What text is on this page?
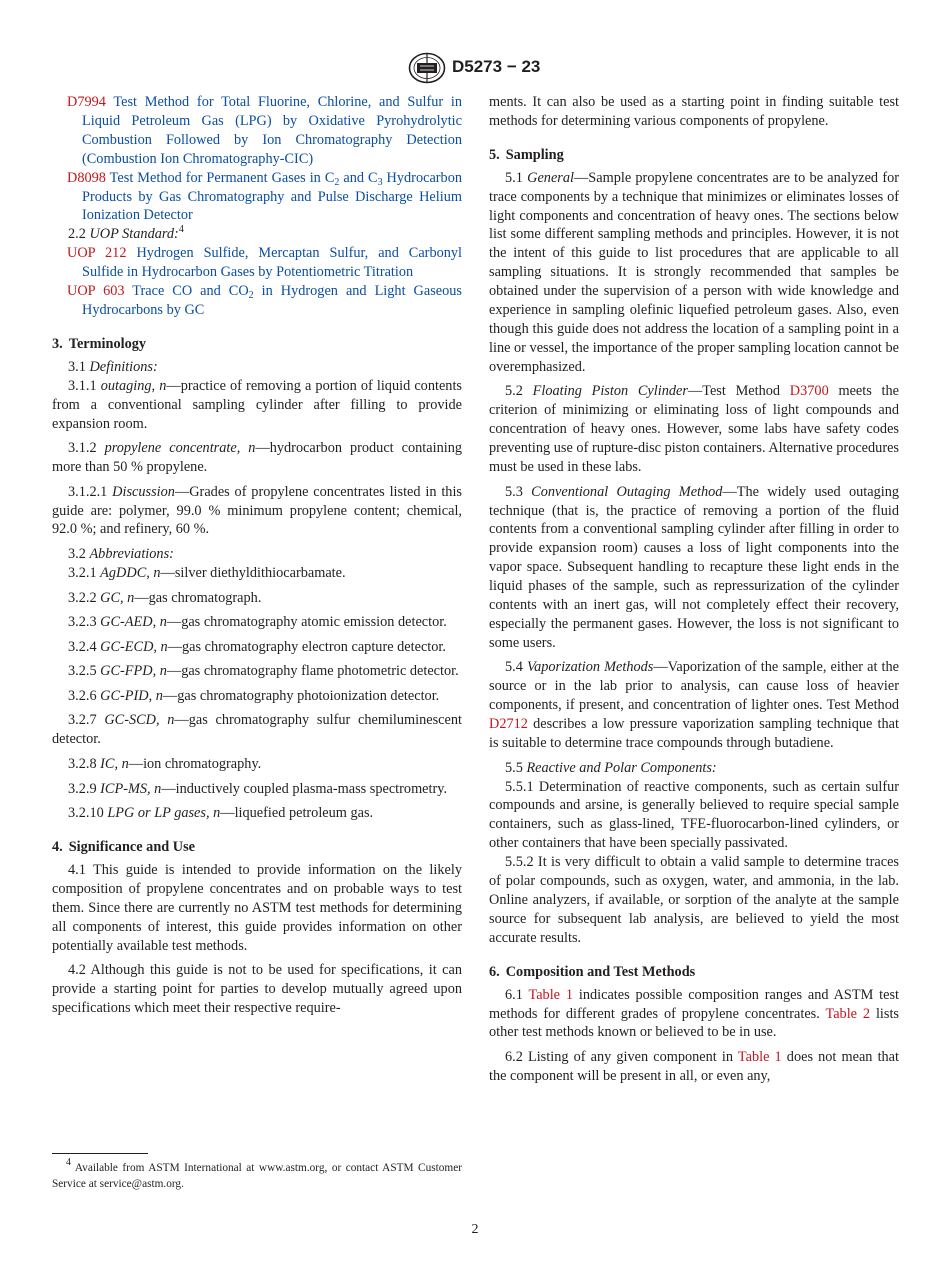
D5273 − 23

D7994 Test Method for Total Fluorine, Chlorine, and Sulfur in Liquid Petroleum Gas (LPG) by Oxidative Pyrohydrolytic Combustion Followed by Ion Chromatography Detection (Combustion Ion Chromatography-CIC)

D8098 Test Method for Permanent Gases in $C_2$ and $C_3$ Hydrocarbon Products by Gas Chromatography and Pulse Discharge Helium Ionization Detector

2.2 UOP Standard:$^4$

UOP 212 Hydrogen Sulfide, Mercaptan Sulfur, and Carbonyl Sulfide in Hydrocarbon Gases by Potentiometric Titration

UOP 603 Trace CO and $CO_2$ in Hydrogen and Light Gaseous Hydrocarbons by GC

3. Terminology

3.1 Definitions:

3.1.1 outaging, n—practice of removing a portion of liquid contents from a conventional sampling cylinder after filling to provide expansion room.

3.1.2 propylene concentrate, n—hydrocarbon product containing more than 50 % propylene.

3.1.2.1 Discussion—Grades of propylene concentrates listed in this guide are: polymer, 99.0 % minimum propylene content; chemical, 92.0 %; and refinery, 60 %.

3.2 Abbreviations:

3.2.1 AgDDC, n—silver diethyldithiocarbamate.

3.2.2 GC, n—gas chromatograph.

3.2.3 GC-AED, n—gas chromatography atomic emission detector.

3.2.4 GC-ECD, n—gas chromatography electron capture detector.

3.2.5 GC-FPD, n—gas chromatography flame photometric detector.

3.2.6 GC-PID, n—gas chromatography photoionization detector.

3.2.7 GC-SCD, n—gas chromatography sulfur chemiluminescent detector.

3.2.8 IC, n—ion chromatography.

3.2.9 ICP-MS, n—inductively coupled plasma-mass spectrometry.

3.2.10 LPG or LP gases, n—liquefied petroleum gas.

4. Significance and Use

4.1 This guide is intended to provide information on the likely composition of propylene concentrates and on probable ways to test them. Since there are currently no ASTM test methods for determining all components of interest, this guide provides information on other potentially available test methods.

4.2 Although this guide is not to be used for specifications, it can provide a starting point for parties to develop mutually agreed upon specifications which meet their respective require-

ments. It can also be used as a starting point in finding suitable test methods for determining various components of propylene.

5. Sampling

5.1 General—Sample propylene concentrates are to be analyzed for trace components by a technique that minimizes or eliminates losses of light components and concentration of heavy ones. The sections below list some different sampling methods and principles. However, it is not the intent of this guide to list procedures that are applicable to all sampling situations. It is strongly recommended that samples be obtained under the supervision of a person with wide knowledge and experience in sampling olefinic liquefied petroleum gases. Also, even though this guide does not address the location of a sampling point in a line or vessel, the importance of the proper sampling location cannot be overemphasized.

5.2 Floating Piston Cylinder—Test Method D3700 meets the criterion of minimizing or eliminating loss of light compounds and concentration of heavy ones. However, some labs have safety codes preventing use of rupture-disc piston containers. Alternative procedures must be used in these labs.

5.3 Conventional Outaging Method—The widely used outaging technique (that is, the practice of removing a portion of the fluid contents from a conventional sampling cylinder after filling in order to provide expansion room) causes a loss of light components into the vapor space. Subsequent handling to recapture these light ends in the liquid phases of the sample, such as repressurization of the cylinder contents with an inert gas, will not completely effect their recovery, especially the permanent gases. However, the loss is not significant to some users.

5.4 Vaporization Methods—Vaporization of the sample, either at the source or in the lab prior to analysis, can cause loss of heavier components, if present, and concentration of lighter ones. Test Method D2712 describes a low pressure vaporization sampling technique that is suitable to determine trace compounds through butadiene.

5.5 Reactive and Polar Components:

5.5.1 Determination of reactive components, such as certain sulfur compounds and arsine, is generally believed to require special sample containers, such as glass-lined, TFE-fluorocarbon-lined cylinders, or other containers that have been specially passivated.

5.5.2 It is very difficult to obtain a valid sample to determine traces of polar compounds, such as oxygen, water, and ammonia, in the lab. Online analyzers, if available, or sorption of the analyte at the sample source for subsequent lab analysis, are believed to yield the most accurate results.

6. Composition and Test Methods

6.1 Table 1 indicates possible composition ranges and ASTM test methods for different grades of propylene concentrates. Table 2 lists other test methods known or believed to be in use.

6.2 Listing of any given component in Table 1 does not mean that the component will be present in all, or even any,

$^4$ Available from ASTM International at www.astm.org, or contact ASTM Customer Service at service@astm.org.

2
